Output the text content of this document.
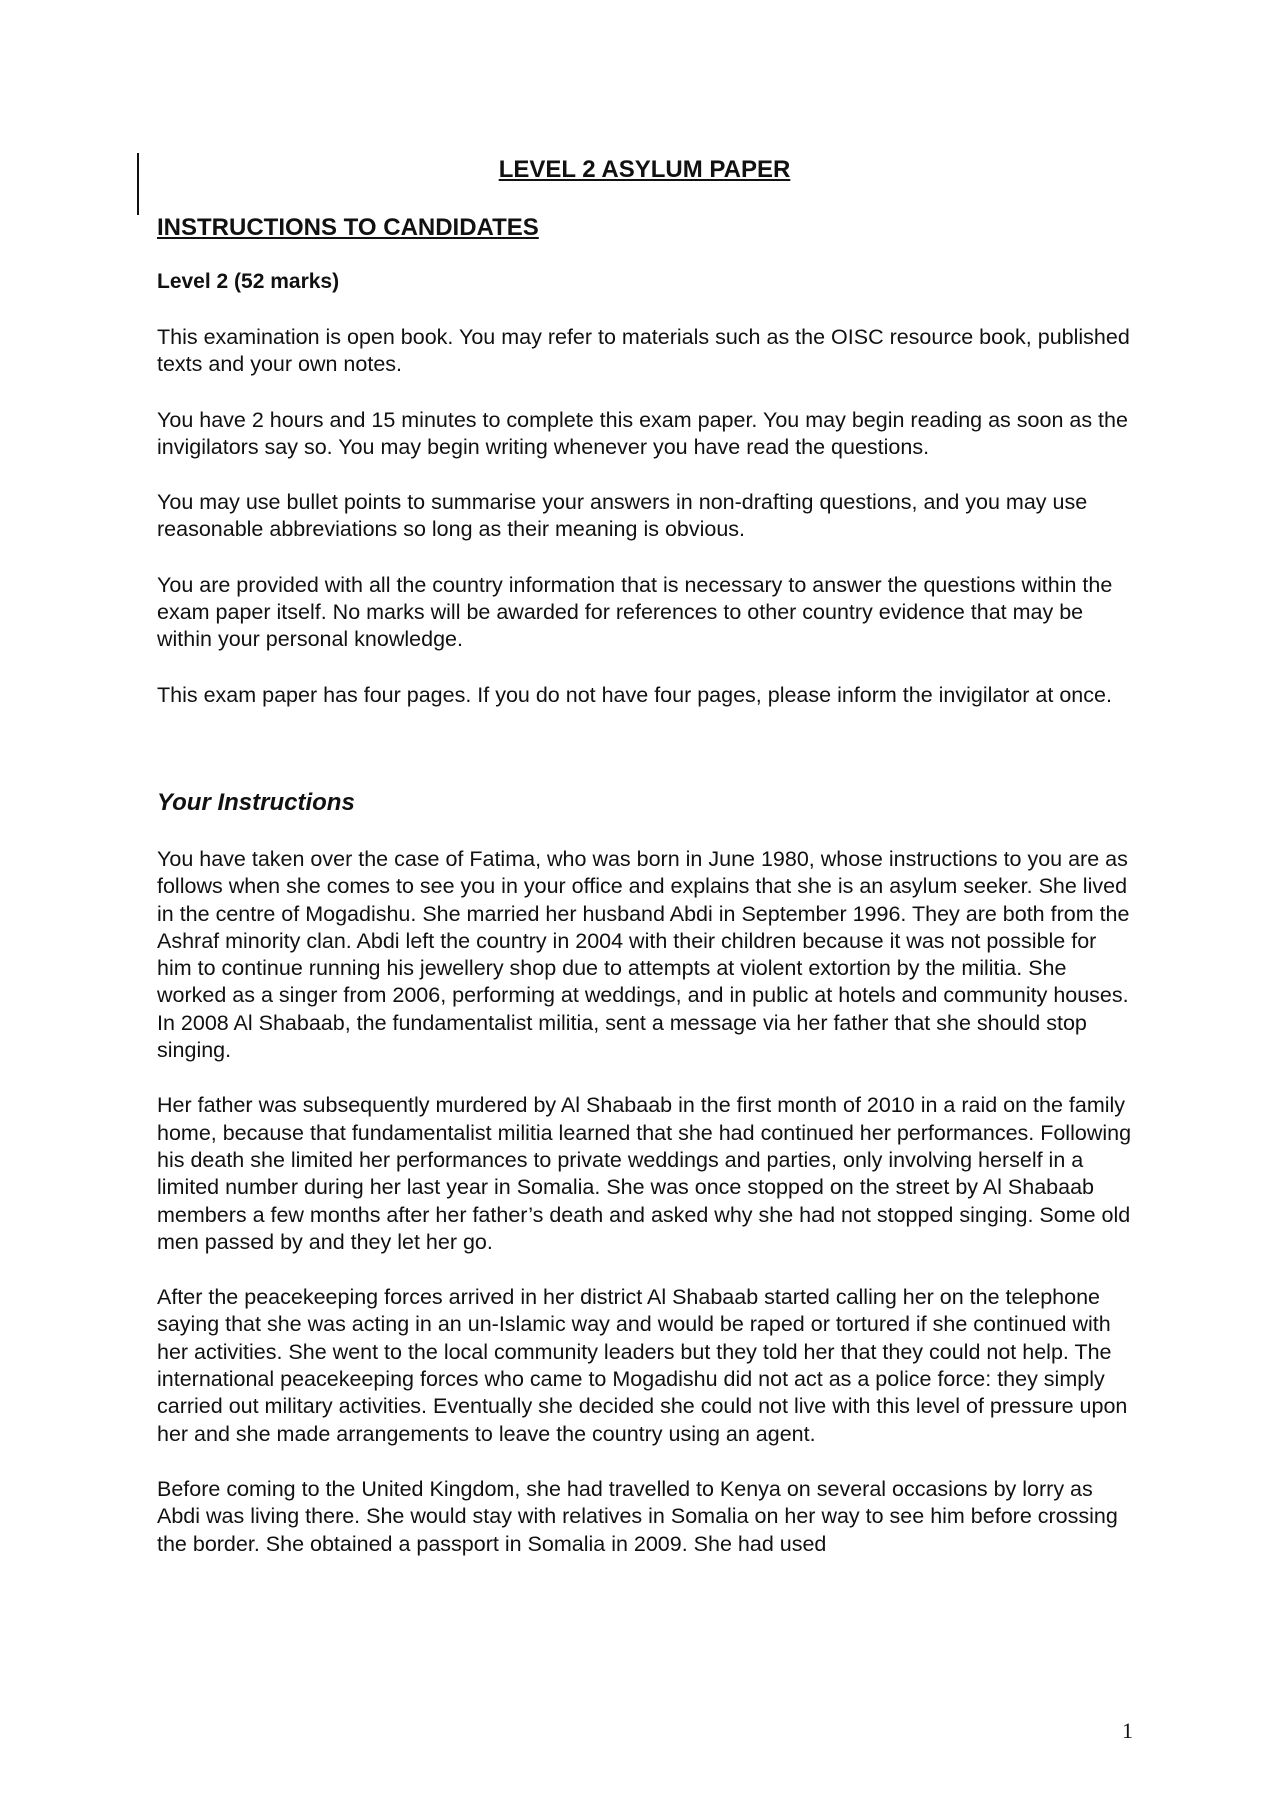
LEVEL 2 ASYLUM PAPER
INSTRUCTIONS TO CANDIDATES
Level 2 (52 marks)

This examination is open book. You may refer to materials such as the OISC resource book, published texts and your own notes.

You have 2 hours and 15 minutes to complete this exam paper. You may begin reading as soon as the invigilators say so. You may begin writing whenever you have read the questions.

You may use bullet points to summarise your answers in non-drafting questions, and you may use reasonable abbreviations so long as their meaning is obvious.

You are provided with all the country information that is necessary to answer the questions within the exam paper itself. No marks will be awarded for references to other country evidence that may be within your personal knowledge.

This exam paper has four pages. If you do not have four pages, please inform the invigilator at once.

Your Instructions

You have taken over the case of Fatima, who was born in June 1980, whose instructions to you are as follows when she comes to see you in your office and explains that she is an asylum seeker. She lived in the centre of Mogadishu. She married her husband Abdi in September 1996. They are both from the Ashraf minority clan. Abdi left the country in 2004 with their children because it was not possible for him to continue running his jewellery shop due to attempts at violent extortion by the militia. She worked as a singer from 2006, performing at weddings, and in public at hotels and community houses. In 2008 Al Shabaab, the fundamentalist militia, sent a message via her father that she should stop singing.

Her father was subsequently murdered by Al Shabaab in the first month of 2010 in a raid on the family home, because that fundamentalist militia learned that she had continued her performances. Following his death she limited her performances to private weddings and parties, only involving herself in a limited number during her last year in Somalia. She was once stopped on the street by Al Shabaab members a few months after her father’s death and asked why she had not stopped singing. Some old men passed by and they let her go.

After the peacekeeping forces arrived in her district Al Shabaab started calling her on the telephone saying that she was acting in an un-Islamic way and would be raped or tortured if she continued with her activities. She went to the local community leaders but they told her that they could not help. The international peacekeeping forces who came to Mogadishu did not act as a police force: they simply carried out military activities. Eventually she decided she could not live with this level of pressure upon her and she made arrangements to leave the country using an agent.

Before coming to the United Kingdom, she had travelled to Kenya on several occasions by lorry as Abdi was living there. She would stay with relatives in Somalia on her way to see him before crossing the border. She obtained a passport in Somalia in 2009. She had used

1
